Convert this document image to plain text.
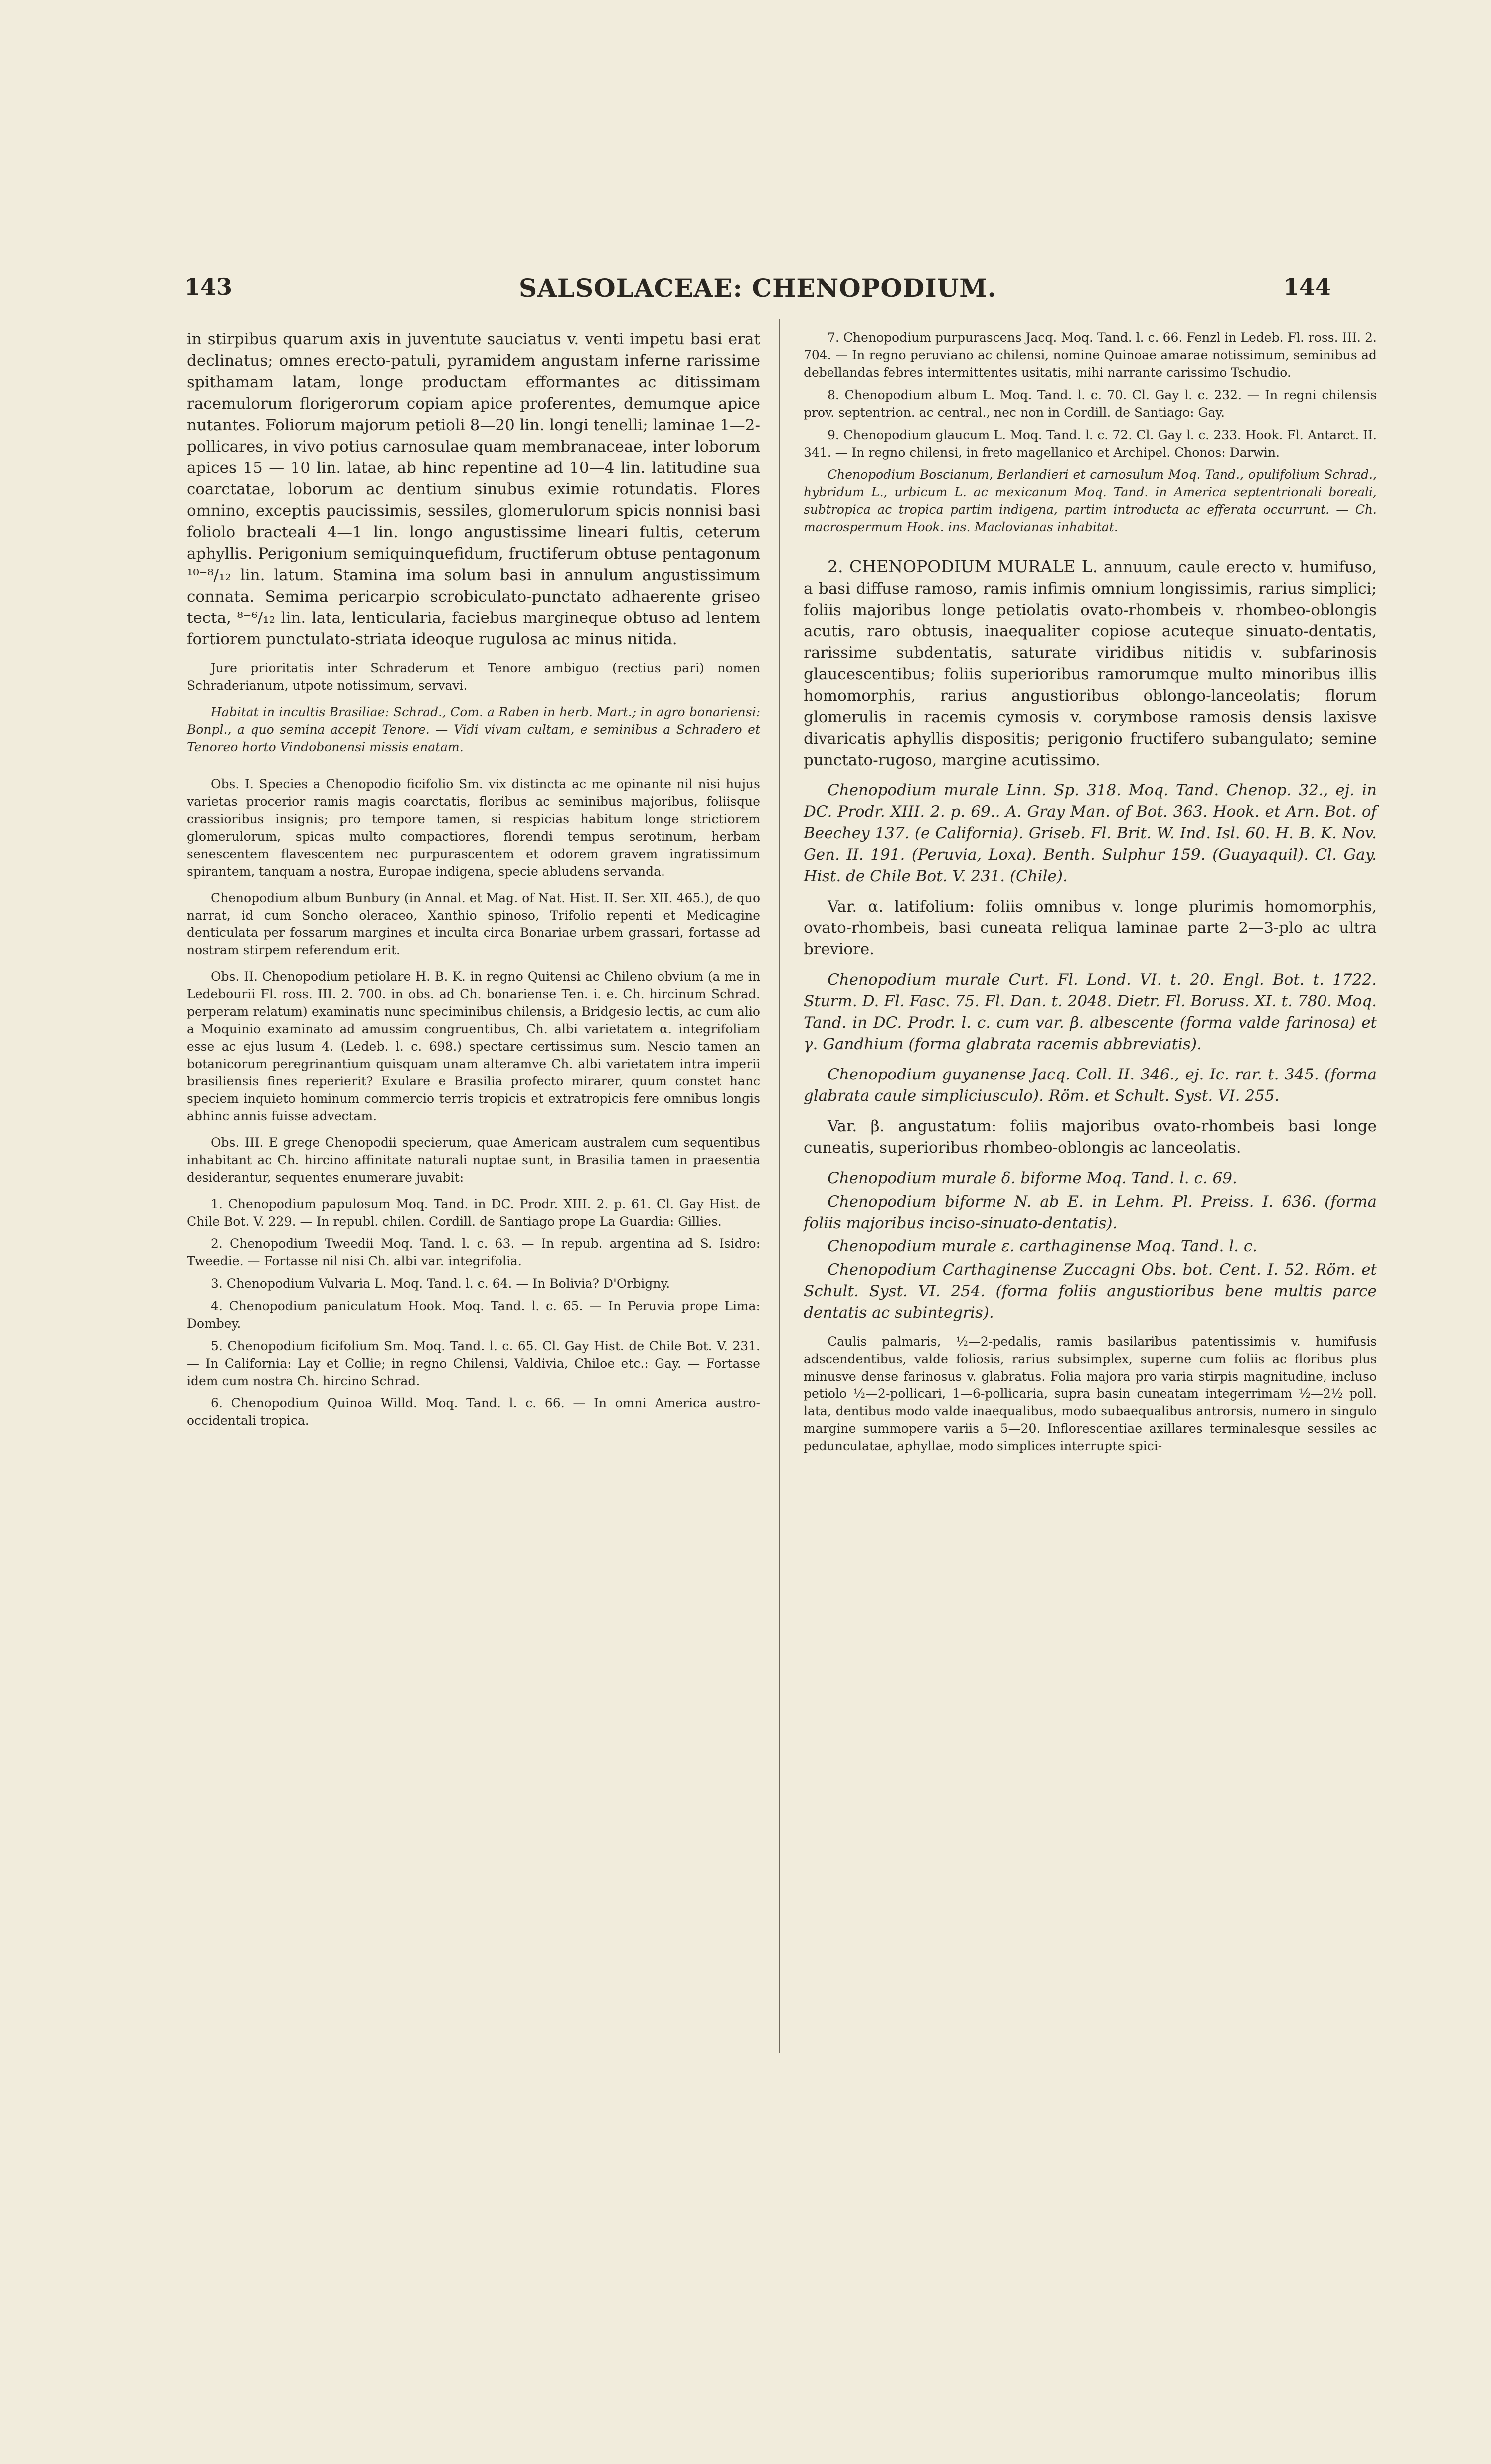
143	SALSOLACEAE: CHENOPODIUM.	144

in stirpibus quarum axis in juventute sauciatus v. venti impetu basi erat declinatus; omnes erecto-patuli, pyramidem angustam inferne rarissime spithamam latam, longe productam efformantes ac ditissimam racemulorum florigerorum copiam apice proferentes, demumque apice nutantes. Foliorum majorum petioli 8—20 lin. longi tenelli; laminae 1—2-pollicares, in vivo potius carnosulae quam membranaceae, inter loborum apices 15 — 10 lin. latae, ab hinc repentine ad 10—4 lin. latitudine sua coarctatae, loborum ac dentium sinubus eximie rotundatis. Flores omnino, exceptis paucissimis, sessiles, glomerulorum spicis nonnisi basi foliolo bracteali 4—1 lin. longo angustissime lineari fultis, ceterum aphyllis. Perigonium semiquinquefidum, fructiferum obtuse pentagonum ¹⁰⁻⁸/₁₂ lin. latum. Stamina ima solum basi in annulum angustissimum connata. Semima pericarpio scrobiculato-punctato adhaerente griseo tecta, ⁸⁻⁶/₁₂ lin. lata, lenticularia, faciebus margineque obtuso ad lentem fortiorem punctulato-striata ideoque rugulosa ac minus nitida.

Jure prioritatis inter Schraderum et Tenore ambiguo (rectius pari) nomen Schraderianum, utpote notissimum, servavi.

Habitat in incultis Brasiliae: Schrad., Com. a Raben in herb. Mart.; in agro bonariensi: Bonpl., a quo semina accepit Tenore. — Vidi vivam cultam, e seminibus a Schradero et Tenoreo horto Vindobonensi missis enatam.

Obs. I. Species a Chenopodio ficifolio Sm. vix distincta ac me opinante nil nisi hujus varietas procerior ramis magis coarctatis, floribus ac seminibus majoribus, foliisque crassioribus insignis; pro tempore tamen, si respicias habitum longe strictiorem glomerulorum, spicas multo compactiores, florendi tempus serotinum, herbam senescentem flavescentem nec purpurascentem et odorem gravem ingratissimum spirantem, tanquam a nostra, Europae indigena, specie abludens servanda.

Chenopodium album Bunbury (in Annal. et Mag. of Nat. Hist. II. Ser. XII. 465.), de quo narrat, id cum Soncho oleraceo, Xanthio spinoso, Trifolio repenti et Medicagine denticulata per fossarum margines et inculta circa Bonariae urbem grassari, fortasse ad nostram stirpem referendum erit.

Obs. II. Chenopodium petiolare H. B. K. in regno Quitensi ac Chileno obvium (a me in Ledebourii Fl. ross. III. 2. 700. in obs. ad Ch. bonariense Ten. i. e. Ch. hircinum Schrad. perperam relatum) examinatis nunc speciminibus chilensis, a Bridgesio lectis, ac cum alio a Moquinio examinato ad amussim congruentibus, Ch. albi varietatem α. integrifoliam esse ac ejus lusum 4. (Ledeb. l. c. 698.) spectare certissimus sum. Nescio tamen an botanicorum peregrinantium quisquam unam alteramve Ch. albi varietatem intra imperii brasiliensis fines reperierit? Exulare e Brasilia profecto mirarer, quum constet hanc speciem inquieto hominum commercio terris tropicis et extratropicis fere omnibus longis abhinc annis fuisse advectam.

Obs. III. E grege Chenopodii specierum, quae Americam australem cum sequentibus inhabitant ac Ch. hircino affinitate naturali nuptae sunt, in Brasilia tamen in praesentia desiderantur, sequentes enumerare juvabit:

1. Chenopodium papulosum Moq. Tand. in DC. Prodr. XIII. 2. p. 61. Cl. Gay Hist. de Chile Bot. V. 229. — In republ. chilen. Cordill. de Santiago prope La Guardia: Gillies.

2. Chenopodium Tweedii Moq. Tand. l. c. 63. — In repub. argentina ad S. Isidro: Tweedie. — Fortasse nil nisi Ch. albi var. integrifolia.

3. Chenopodium Vulvaria L. Moq. Tand. l. c. 64. — In Bolivia? D'Orbigny.

4. Chenopodium paniculatum Hook. Moq. Tand. l. c. 65. — In Peruvia prope Lima: Dombey.

5. Chenopodium ficifolium Sm. Moq. Tand. l. c. 65. Cl. Gay Hist. de Chile Bot. V. 231. — In California: Lay et Collie; in regno Chilensi, Valdivia, Chiloe etc.: Gay. — Fortasse idem cum nostra Ch. hircino Schrad.

6. Chenopodium Quinoa Willd. Moq. Tand. l. c. 66. — In omni America austro-occidentali tropica.

7. Chenopodium purpurascens Jacq. Moq. Tand. l. c. 66. Fenzl in Ledeb. Fl. ross. III. 2. 704. — In regno peruviano ac chilensi, nomine Quinoae amarae notissimum, seminibus ad debellandas febres intermittentes usitatis, mihi narrante carissimo Tschudio.

8. Chenopodium album L. Moq. Tand. l. c. 70. Cl. Gay l. c. 232. — In regni chilensis prov. septentrion. ac central., nec non in Cordill. de Santiago: Gay.

9. Chenopodium glaucum L. Moq. Tand. l. c. 72. Cl. Gay l. c. 233. Hook. Fl. Antarct. II. 341. — In regno chilensi, in freto magellanico et Archipel. Chonos: Darwin.

Chenopodium Boscianum, Berlandieri et carnosulum Moq. Tand., opulifolium Schrad., hybridum L., urbicum L. ac mexicanum Moq. Tand. in America septentrionali boreali, subtropica ac tropica partim indigena, partim introducta ac efferata occurrunt. — Ch. macrospermum Hook. ins. Maclovianas inhabitat.

2. CHENOPODIUM MURALE L. annuum, caule erecto v. humifuso, a basi diffuse ramoso, ramis infimis omnium longissimis, rarius simplici; foliis majoribus longe petiolatis ovato-rhombeis v. rhombeo-oblongis acutis, raro obtusis, inaequaliter copiose acuteque sinuato-dentatis, rarissime subdentatis, saturate viridibus nitidis v. subfarinosis glaucescentibus; foliis superioribus ramorumque multo minoribus illis homomorphis, rarius angustioribus oblongo-lanceolatis; florum glomerulis in racemis cymosis v. corymbose ramosis densis laxisve divaricatis aphyllis dispositis; perigonio fructifero subangulato; semine punctato-rugoso, margine acutissimo.

Chenopodium murale Linn. Sp. 318. Moq. Tand. Chenop. 32., ej. in DC. Prodr. XIII. 2. p. 69.. A. Gray Man. of Bot. 363. Hook. et Arn. Bot. of Beechey 137. (e California). Griseb. Fl. Brit. W. Ind. Isl. 60. H. B. K. Nov. Gen. II. 191. (Peruvia, Loxa). Benth. Sulphur 159. (Guayaquil). Cl. Gay. Hist. de Chile Bot. V. 231. (Chile).

Var. α. latifolium: foliis omnibus v. longe plurimis homomorphis, ovato-rhombeis, basi cuneata reliqua laminae parte 2—3-plo ac ultra breviore.

Chenopodium murale Curt. Fl. Lond. VI. t. 20. Engl. Bot. t. 1722. Sturm. D. Fl. Fasc. 75. Fl. Dan. t. 2048. Dietr. Fl. Boruss. XI. t. 780. Moq. Tand. in DC. Prodr. l. c. cum var. β. albescente (forma valde farinosa) et γ. Gandhium (forma glabrata racemis abbreviatis).

Chenopodium guyanense Jacq. Coll. II. 346., ej. Ic. rar. t. 345. (forma glabrata caule simpliciusculo). Röm. et Schult. Syst. VI. 255.

Var. β. angustatum: foliis majoribus ovato-rhombeis basi longe cuneatis, superioribus rhombeo-oblongis ac lanceolatis.

Chenopodium murale δ. biforme Moq. Tand. l. c. 69.

Chenopodium biforme N. ab E. in Lehm. Pl. Preiss. I. 636. (forma foliis majoribus inciso-sinuato-dentatis).

Chenopodium murale ε. carthaginense Moq. Tand. l. c.

Chenopodium Carthaginense Zuccagni Obs. bot. Cent. I. 52. Röm. et Schult. Syst. VI. 254. (forma foliis angustioribus bene multis parce dentatis ac subintegris).

Caulis palmaris, ½—2-pedalis, ramis basilaribus patentissimis v. humifusis adscendentibus, valde foliosis, rarius subsimplex, superne cum foliis ac floribus plus minusve dense farinosus v. glabratus. Folia majora pro varia stirpis magnitudine, incluso petiolo ½—2-pollicari, 1—6-pollicaria, supra basin cuneatam integerrimam ½—2½ poll. lata, dentibus modo valde inaequalibus, modo subaequalibus antrorsis, numero in singulo margine summopere variis a 5—20. Inflorescentiae axillares terminalesque sessiles ac pedunculatae, aphyllae, modo simplices interrupte spici-
